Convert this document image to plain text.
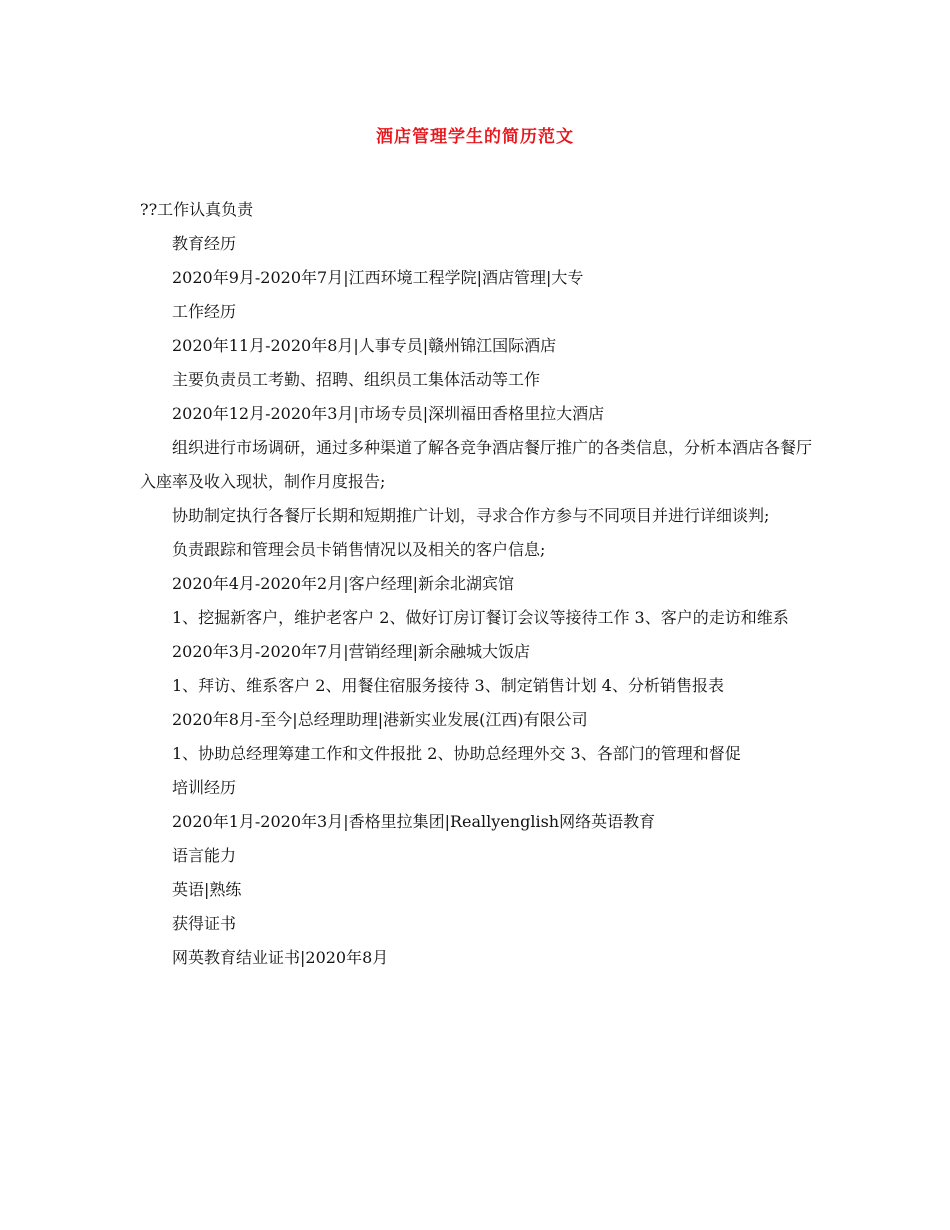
酒店管理学生的简历范文

??工作认真负责

教育经历

2020年9月-2020年7月|江西环境工程学院|酒店管理|大专

工作经历

2020年11月-2020年8月|人事专员|赣州锦江国际酒店

主要负责员工考勤、招聘、组织员工集体活动等工作

2020年12月-2020年3月|市场专员|深圳福田香格里拉大酒店

组织进行市场调研，通过多种渠道了解各竞争酒店餐厅推广的各类信息，分析本酒店各餐厅入座率及收入现状，制作月度报告;

协助制定执行各餐厅长期和短期推广计划，寻求合作方参与不同项目并进行详细谈判;

负责跟踪和管理会员卡销售情况以及相关的客户信息;

2020年4月-2020年2月|客户经理|新余北湖宾馆

1、挖掘新客户，维护老客户 2、做好订房订餐订会议等接待工作 3、客户的走访和维系

2020年3月-2020年7月|营销经理|新余融城大饭店

1、拜访、维系客户 2、用餐住宿服务接待 3、制定销售计划 4、分析销售报表

2020年8月-至今|总经理助理|港新实业发展(江西)有限公司

1、协助总经理筹建工作和文件报批 2、协助总经理外交 3、各部门的管理和督促

培训经历

2020年1月-2020年3月|香格里拉集团|Reallyenglish网络英语教育

语言能力

英语|熟练

获得证书

网英教育结业证书|2020年8月
